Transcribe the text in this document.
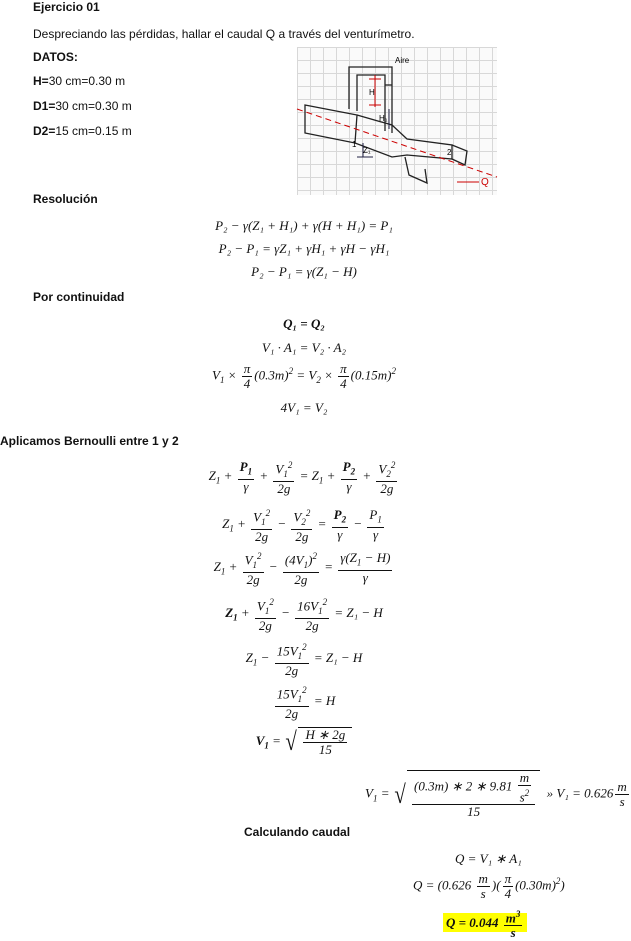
Ejercicio 01
Despreciando las pérdidas, hallar el caudal Q a través del venturímetro.
DATOS:
H=30 cm=0.30 m
D1=30 cm=0.30 m
D2=15 cm=0.15 m
Aire
H
H₁
Z₁
1
2
Q
Resolución
P₂ − γ(Z₁ + H₁) + γ(H + H₁) = P₁
P₂ − P₁ = γZ₁ + γH₁ + γH − γH₁
P₂ − P₁ = γ(Z₁ − H)
Por continuidad
Q₁ = Q₂
V₁ · A₁ = V₂ · A₂
$V_1 \times \frac{\pi}{4} (0.3m)^2 = V_2 \times \frac{\pi}{4} (0.15m)^2$
4V₁ = V₂
Aplicamos Bernoulli entre 1 y 2
$Z_1 + \frac{P_1}{\gamma} + \frac{V_1^2}{2g} = Z_1 + \frac{P_2}{\gamma} + \frac{V_2^2}{2g}$
$Z_1 + \frac{V_1^2}{2g} - \frac{V_2^2}{2g} = \frac{P_2}{\gamma} - \frac{P_1}{\gamma}$
$Z_1 + \frac{V_1^2}{2g} - \frac{(4V_1)^2}{2g} = \frac{\gamma(Z_1 - H)}{\gamma}$
$Z_1 + \frac{V_1^2}{2g} - \frac{16V_1^2}{2g} = Z_1 - H$
$Z_1 - \frac{15V_1^2}{2g} = Z_1 - H$
$\frac{15V_1^2}{2g} = H$
$V_1$ = √ $\frac{H ∗ 2g}{15}$
$V_1$ = √ $\frac{(0.3m) ∗ 2 ∗ 9.81 \frac{m}{s^2}}{15}$ » $V_1 = 0.626 \frac{m}{s}$
Calculando caudal
Q = V₁ ∗ A₁
$Q = (0.626 \frac{m}{s}$ )( $\frac{\pi}{4} (0.30m)^2$)
$Q = 0.044 \frac{m^3}{s}$
